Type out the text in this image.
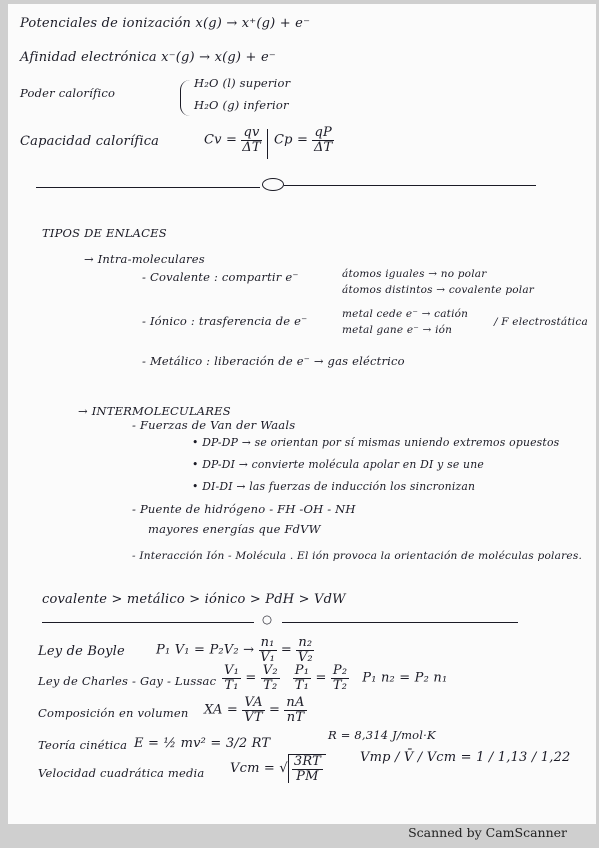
Potenciales de ionización x(g) → x⁺(g) + e⁻
Afinidad electrónica x⁻(g) → x(g) + e⁻
Poder calorífico
H₂O (l) superior
H₂O (g) inferior
Capacidad calorífica	$Cv = \frac{qv}{\Delta T}$ $Cp = \frac{qP}{\Delta T}$
TIPOS DE ENLACES
→ Intra-moleculares
- Covalente : compartir e⁻	átomos iguales → no polar
átomos distintos → covalente polar
- Iónico : trasferencia de e⁻	metal cede e⁻ → catión
metal gane e⁻ → ión
/ F electrostática
- Metálico : liberación de e⁻ → gas eléctrico
→ INTERMOLECULARES
- Fuerzas de Van der Waals
• DP-DP → se orientan por sí mismas uniendo extremos opuestos
• DP-DI → convierte molécula apolar en DI y se une
• DI-DI → las fuerzas de inducción los sincronizan
- Puente de hidrógeno - FH -OH - NH
mayores energías que FdVW
- Interacción Ión - Molécula . El ión provoca la orientación de moléculas polares.
covalente > metálico > iónico > PdH > VdW
○
Ley de Boyle P₁ $V_1 = P_2V_2 \to \frac{\text{n₁}}{\text{V₁}} = \frac{\text{n₂}}{\text{V₂}}$
Ley de Charles - Gay - Lussac $\frac{\text{V₁}}{\text{T₁}} = \frac{\text{V₂}}{\text{T₂}}$
$\frac{\text{P₁}}{\text{T₁}} = \frac{\text{P₂}}{\text{T₂}} P_1$ n₂ = P₂ n₁
Composición en volumen XA = $\frac{VA}{VT} = \frac{nA}{nT}$
Teoría cinética E = ½ mv² = 3/2 RT
R = 8,314 J/mol·K
Velocidad cuadrática media Vcm = √ $\frac{3RT}{PM}$	Vmp / V̄ / Vcm = 1 / 1,13 / 1,22
Scanned by CamScanner
